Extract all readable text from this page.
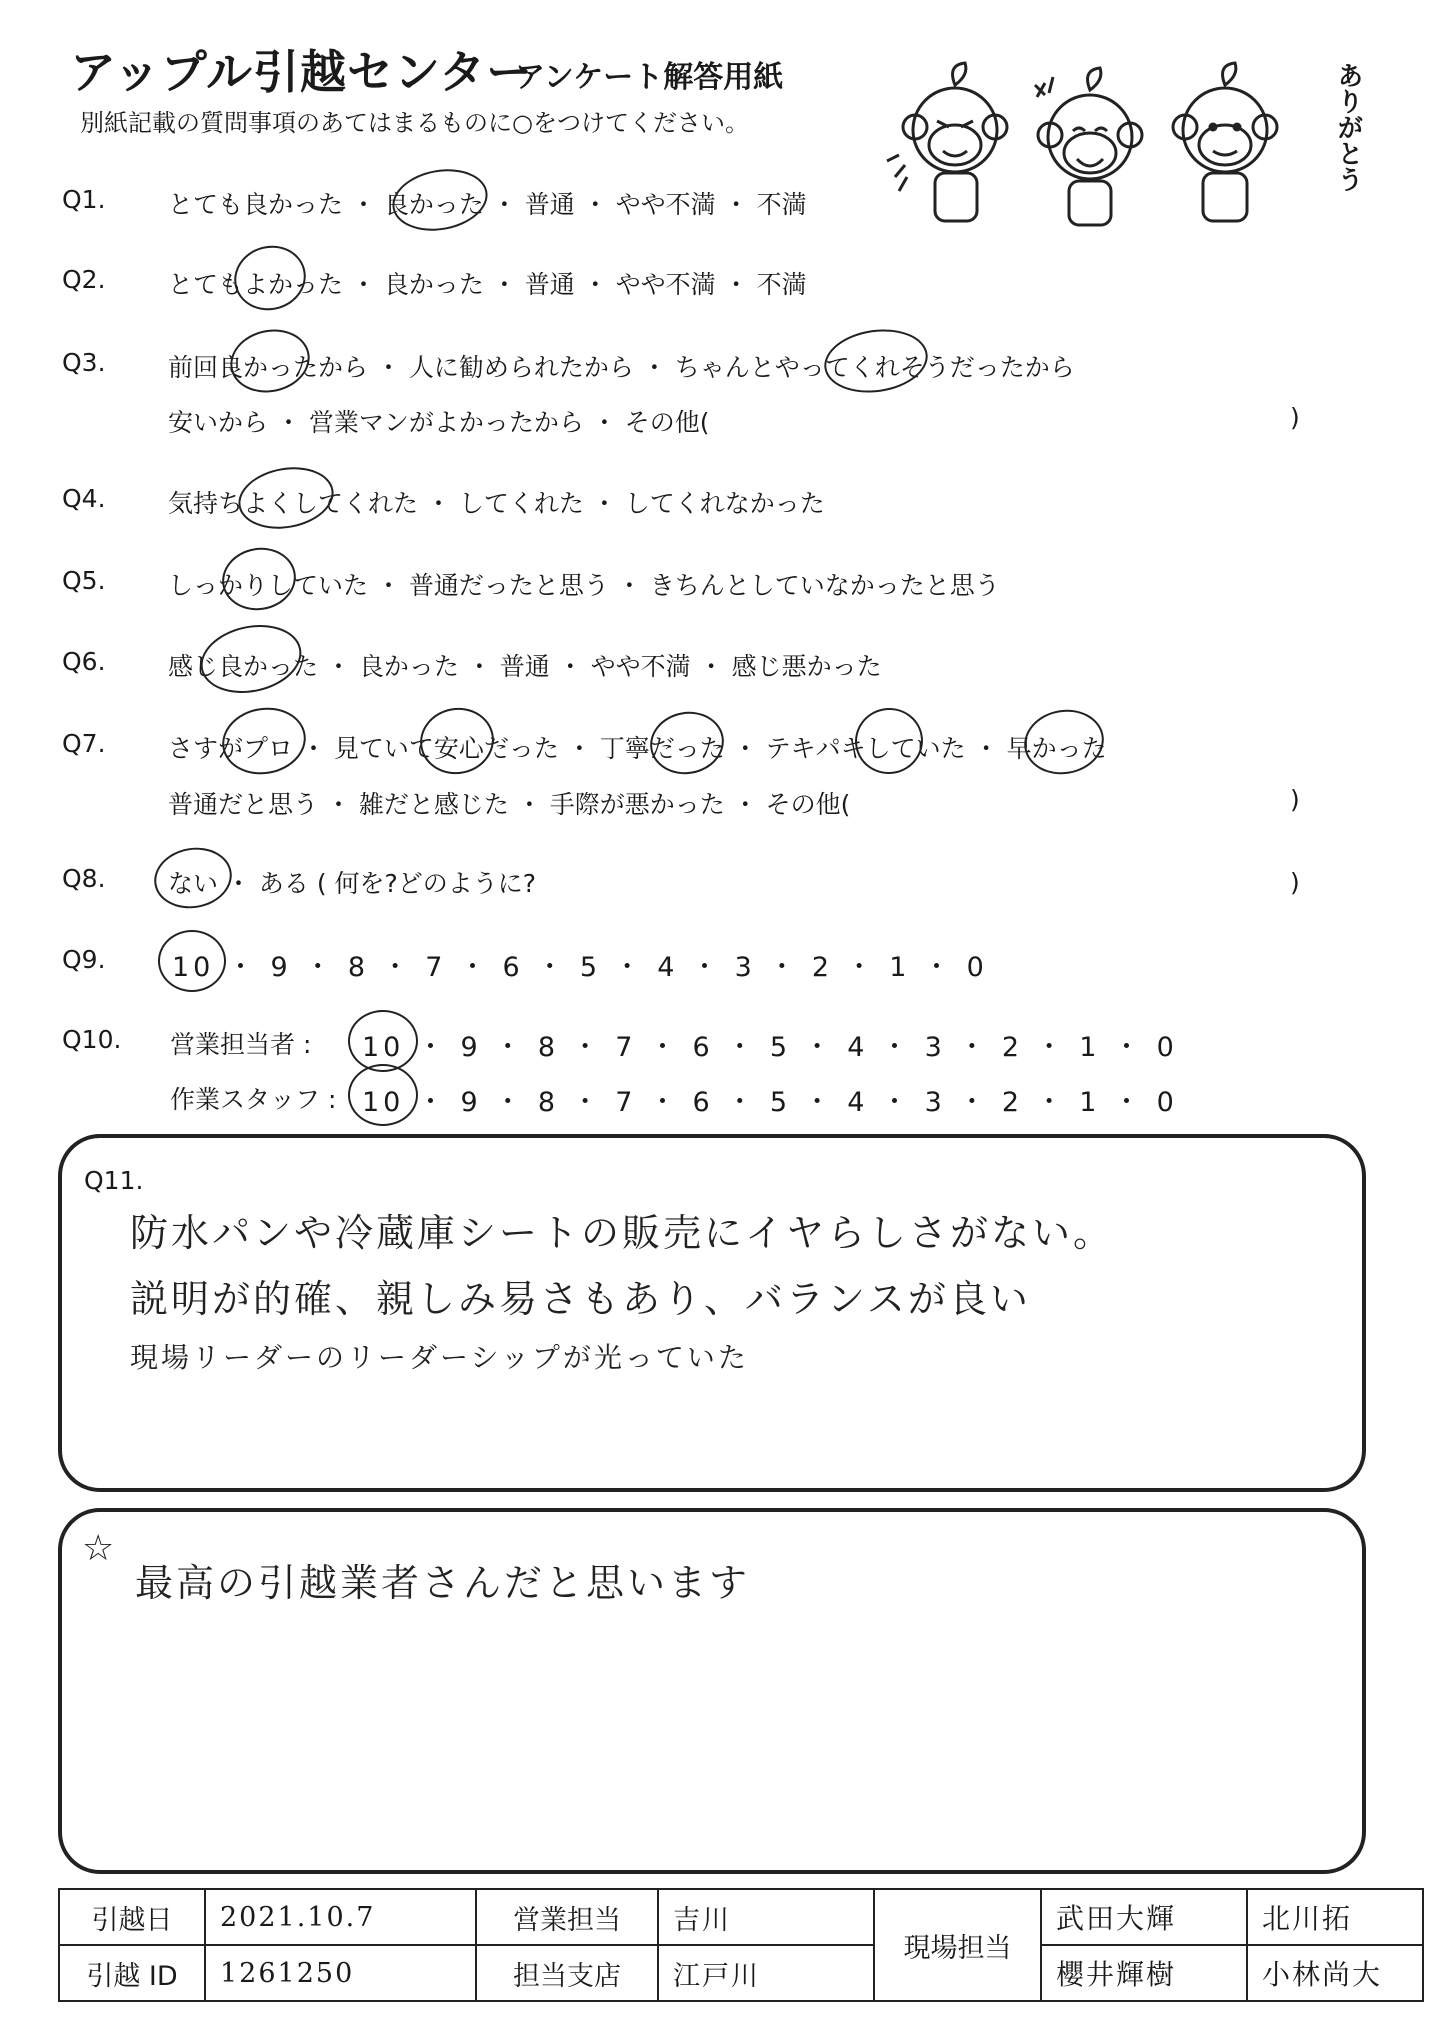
アップル引越センター
アンケート解答用紙
別紙記載の質問事項のあてはまるものに○をつけてください。	ありがとう
Q1. とても良かった ・ 良かった ・ 普通 ・ やや不満 ・ 不満
Q2. とてもよかった ・ 良かった ・ 普通 ・ やや不満 ・ 不満
Q3. 前回良かったから ・ 人に勧められたから ・ ちゃんとやってくれそうだったから
安いから ・ 営業マンがよかったから ・ その他(	)
Q4. 気持ちよくしてくれた ・ してくれた ・ してくれなかった
Q5. しっかりしていた ・ 普通だったと思う ・ きちんとしていなかったと思う
Q6. 感じ良かった ・ 良かった ・ 普通 ・ やや不満 ・ 感じ悪かった
Q7. さすがプロ ・ 見ていて安心だった ・ 丁寧だった ・ テキパキしていた ・ 早かった
普通だと思う ・ 雑だと感じた ・ 手際が悪かった ・ その他(	)
Q8. ない ・ ある ( 何を?どのように?	)
Q9. 10 ・ 9 ・ 8 ・ 7 ・ 6 ・ 5 ・ 4 ・ 3 ・ 2 ・ 1 ・ 0
Q10. 営業担当者 : 10 ・ 9 ・ 8 ・ 7 ・ 6 ・ 5 ・ 4 ・ 3 ・ 2 ・ 1 ・ 0
作業スタッフ : 10 ・ 9 ・ 8 ・ 7 ・ 6 ・ 5 ・ 4 ・ 3 ・ 2 ・ 1 ・ 0
Q11.
防水パンや冷蔵庫シートの販売にイヤらしさがない。
説明が的確、親しみ易さもあり、バランスが良い
現場リーダーのリーダーシップが光っていた
☆
最高の引越業者さんだと思います
引越日	2021.10.7	営業担当	吉川	現場担当	武田大輝	北川拓
引越 ID	1261250	担当支店	江戸川		櫻井輝樹	小林尚大
